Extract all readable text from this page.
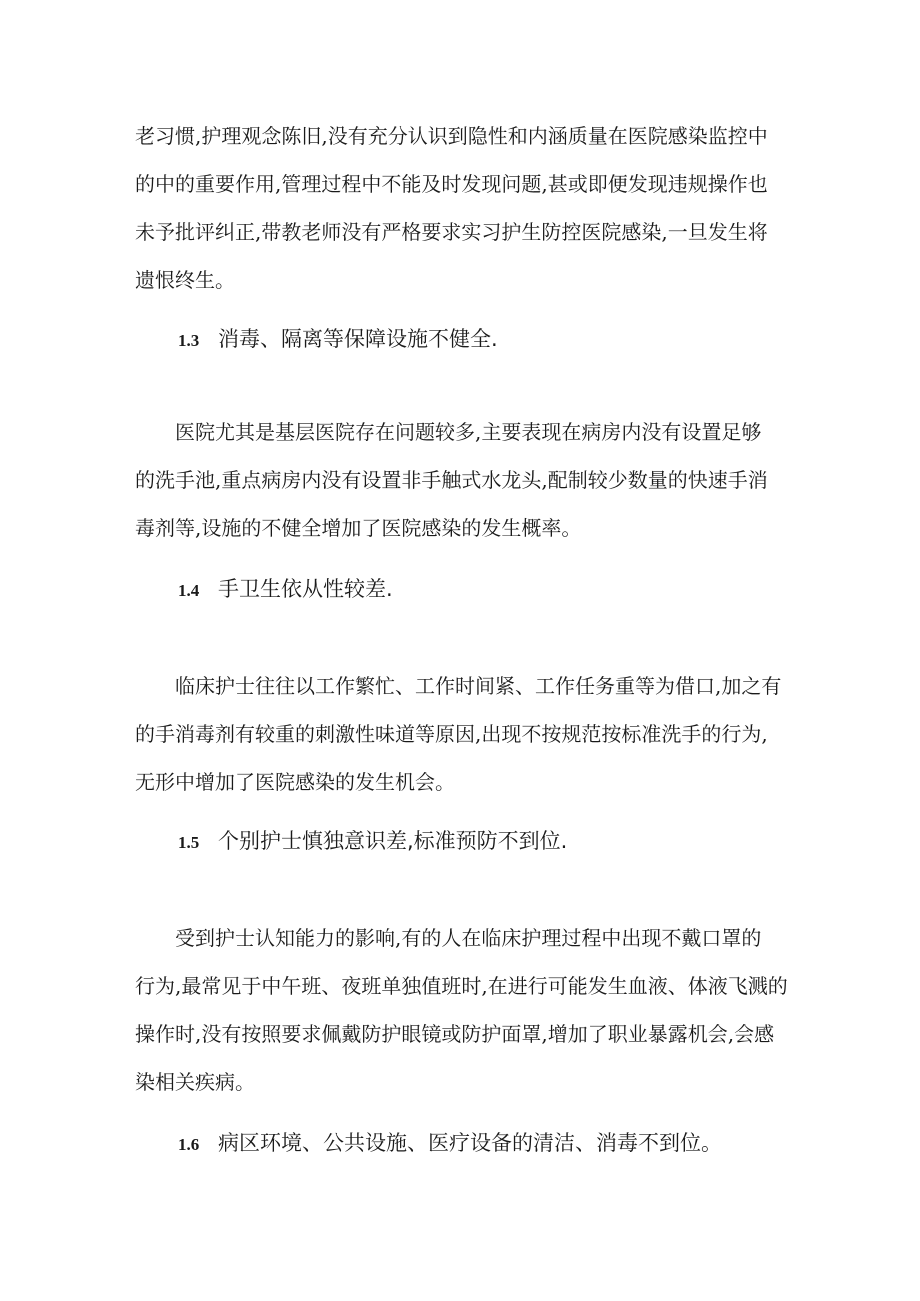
老习惯,护理观念陈旧,没有充分认识到隐性和内涵质量在医院感染监控中
的中的重要作用,管理过程中不能及时发现问题,甚或即便发现违规操作也
未予批评纠正,带教老师没有严格要求实习护生防控医院感染,一旦发生将
遗恨终生。

1.3 消毒、隔离等保障设施不健全.

医院尤其是基层医院存在问题较多,主要表现在病房内没有设置足够
的洗手池,重点病房内没有设置非手触式水龙头,配制较少数量的快速手消
毒剂等,设施的不健全增加了医院感染的发生概率。

1.4 手卫生依从性较差.

临床护士往往以工作繁忙、工作时间紧、工作任务重等为借口,加之有
的手消毒剂有较重的刺激性味道等原因,出现不按规范按标准洗手的行为,
无形中增加了医院感染的发生机会。

1.5 个别护士慎独意识差,标准预防不到位.

受到护士认知能力的影响,有的人在临床护理过程中出现不戴口罩的
行为,最常见于中午班、夜班单独值班时,在进行可能发生血液、体液飞溅的
操作时,没有按照要求佩戴防护眼镜或防护面罩,增加了职业暴露机会,会感
染相关疾病。

1.6 病区环境、公共设施、医疗设备的清洁、消毒不到位。
